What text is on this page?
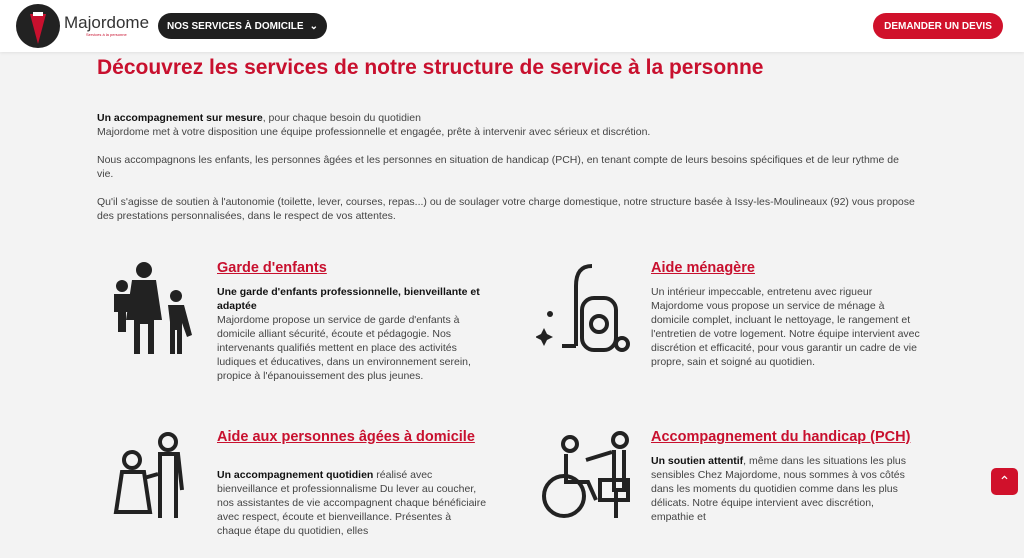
Majordome
Services à la personne
NOS SERVICES À DOMICILE ⌄	DEMANDER UN DEVIS
Découvrez les services de notre structure de service à la personne

Un accompagnement sur mesure, pour chaque besoin du quotidien
Majordome met à votre disposition une équipe professionnelle et engagée, prête à intervenir avec sérieux et discrétion.

Nous accompagnons les enfants, les personnes âgées et les personnes en situation de handicap (PCH), en tenant compte de leurs besoins spécifiques et de leur rythme de vie.

Qu'il s'agisse de soutien à l'autonomie (toilette, lever, courses, repas...) ou de soulager votre charge domestique, notre structure basée à Issy-les-Moulineaux (92) vous propose des prestations personnalisées, dans le respect de vos attentes.

Garde d'enfants
Une garde d'enfants professionnelle, bienveillante et adaptée
Majordome propose un service de garde d'enfants à domicile alliant sécurité, écoute et pédagogie. Nos intervenants qualifiés mettent en place des activités ludiques et éducatives, dans un environnement serein, propice à l'épanouissement des plus jeunes.
Aide ménagère
Un intérieur impeccable, entretenu avec rigueur Majordome vous propose un service de ménage à domicile complet, incluant le nettoyage, le rangement et l'entretien de votre logement. Notre équipe intervient avec discrétion et efficacité, pour vous garantir un cadre de vie propre, sain et soigné au quotidien.
Aide aux personnes âgées à domicile
Un accompagnement quotidien réalisé avec bienveillance et professionnalisme Du lever au coucher, nos assistantes de vie accompagnent chaque bénéficiaire avec respect, écoute et bienveillance. Présentes à chaque étape du quotidien, elles
Accompagnement du handicap (PCH)
Un soutien attentif, même dans les situations les plus sensibles Chez Majordome, nous sommes à vos côtés dans les moments du quotidien comme dans les plus délicats. Notre équipe intervient avec discrétion, empathie et
⌃
